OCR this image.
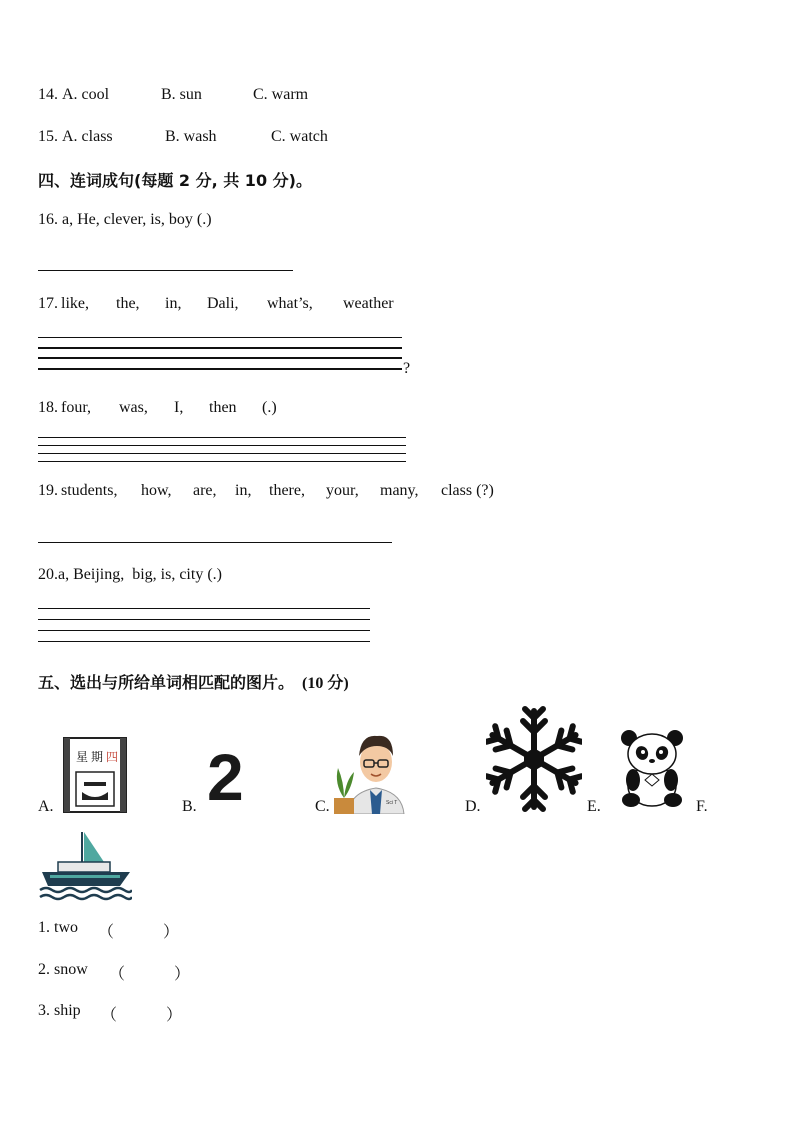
14. A. cool	B. sun	C. warm
15. A. class	B. wash	C. watch
四、连词成句(每题 2 分, 共 10 分)。
16. a, He, clever, is, boy (.)
17. like, the, in, Dali, what’s, weather
?
18. four, was, I, then (.)
19. students, how, are, in, there, your, many, class (?)
20.a, Beijing,  big, is, city (.)
五、选出与所给单词相匹配的图片。 (10 分)
A.
星 期 四
B. 2	C.	Sci T	D.	E.	F.
1. two （	）
2. snow （	）
3. ship （	）
